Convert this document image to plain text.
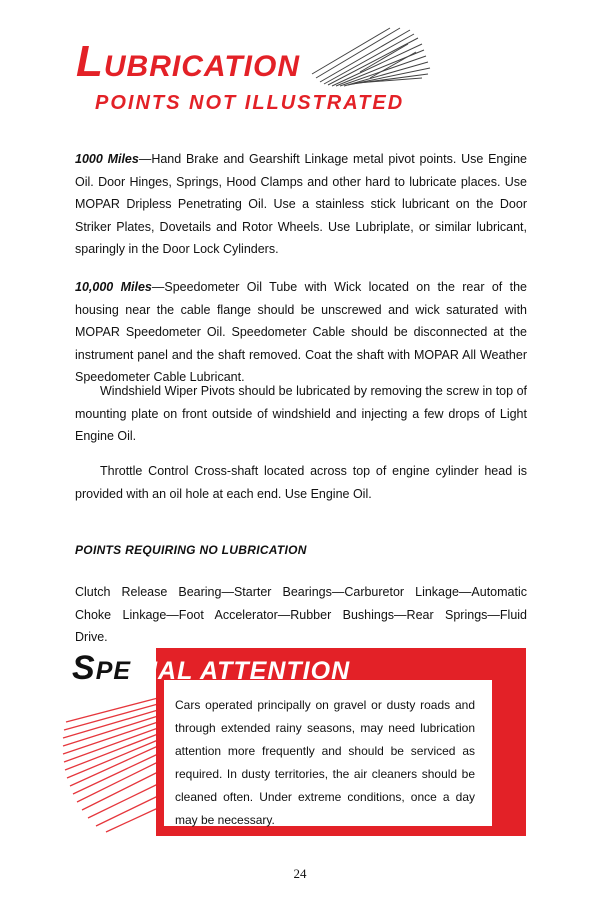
LUBRICATION
POINTS NOT ILLUSTRATED

1000 Miles—Hand Brake and Gearshift Linkage metal pivot points. Use Engine Oil. Door Hinges, Springs, Hood Clamps and other hard to lubricate places. Use MOPAR Dripless Penetrating Oil. Use a stainless stick lubricant on the Door Striker Plates, Dovetails and Rotor Wheels. Use Lubriplate, or similar lubricant, sparingly in the Door Lock Cylinders.

10,000 Miles—Speedometer Oil Tube with Wick located on the rear of the housing near the cable flange should be unscrewed and wick saturated with MOPAR Speedometer Oil. Speedometer Cable should be disconnected at the instrument panel and the shaft removed. Coat the shaft with MOPAR All Weather Speedometer Cable Lubricant.

Windshield Wiper Pivots should be lubricated by removing the screw in top of mounting plate on front outside of windshield and injecting a few drops of Light Engine Oil.

Throttle Control Cross-shaft located across top of engine cylinder head is provided with an oil hole at each end. Use Engine Oil.

POINTS REQUIRING NO LUBRICATION

Clutch Release Bearing—Starter Bearings—Carburetor Linkage—Automatic Choke Linkage—Foot Accelerator—Rubber Bushings—Rear Springs—Fluid Drive.

SPECIAL ATTENTION

Cars operated principally on gravel or dusty roads and through extended rainy seasons, may need lubrication attention more frequently and should be serviced as required. In dusty territories, the air cleaners should be cleaned often. Under extreme conditions, once a day may be necessary.

24
